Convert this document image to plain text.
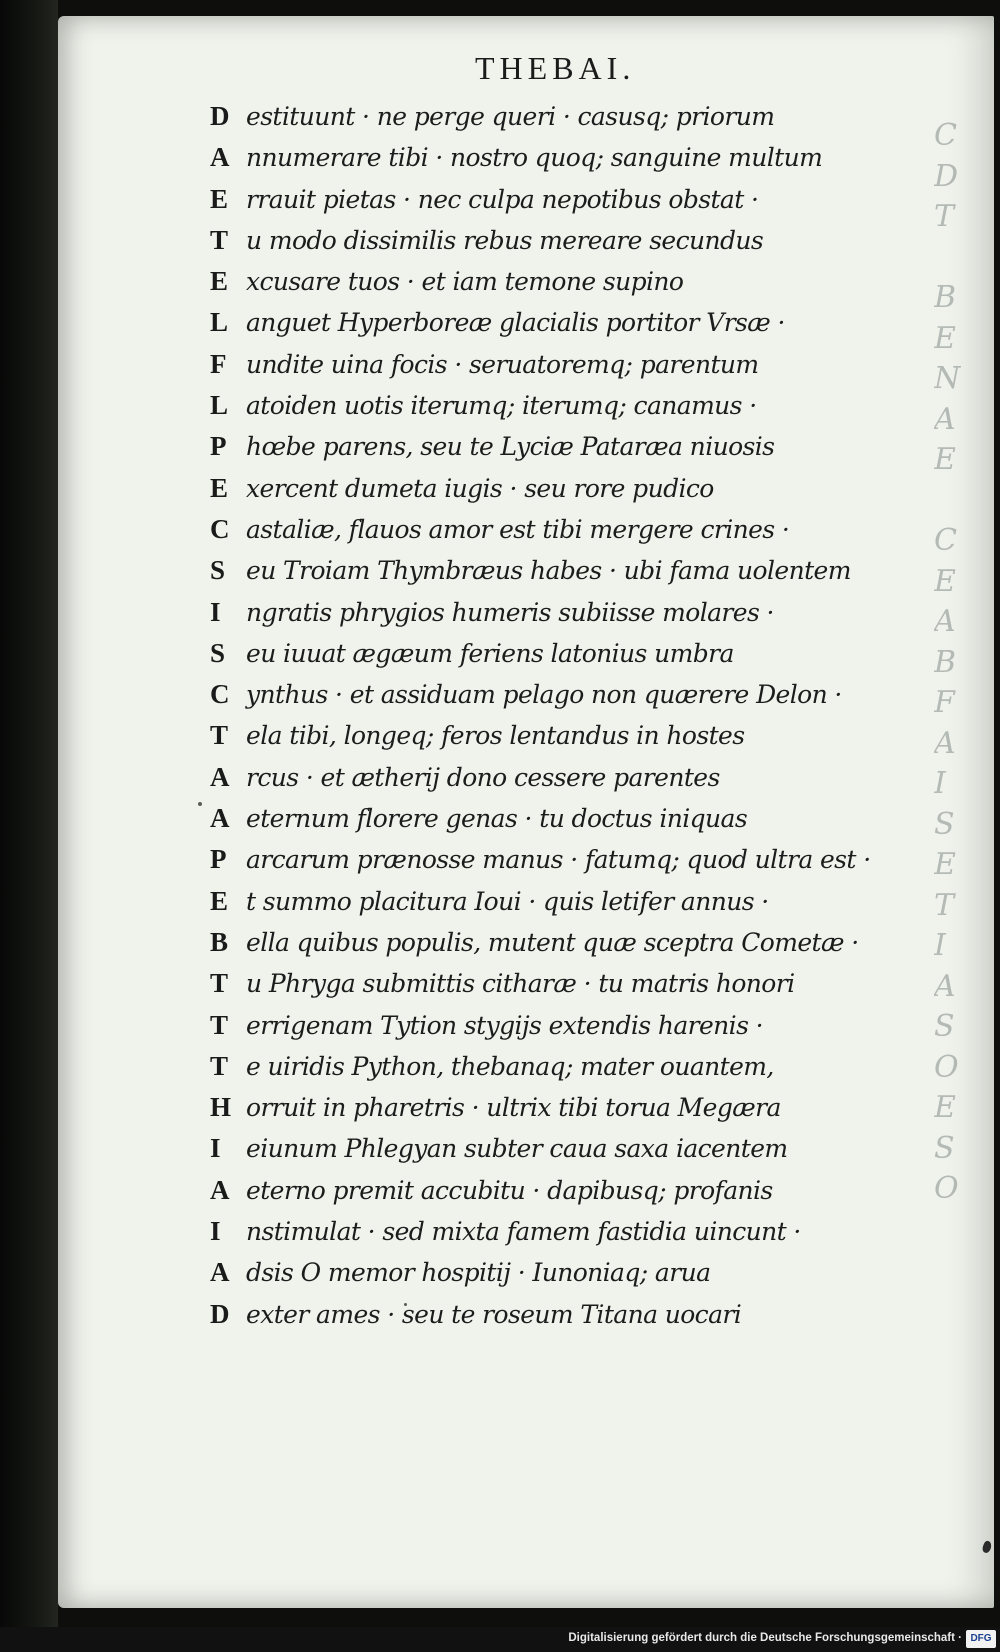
C
D
T

B
E
N
A
E

C
E
A
B
F
A
I
S
E
T
I
A
S
O
E
S
O
THEBAI.
D estituunt · ne perge queri · casusq; priorum
A nnumerare tibi · nostro quoq; sanguine multum
E rrauit pietas · nec culpa nepotibus obstat ·
T u modo dissimilis rebus mereare secundus
E xcusare tuos · et iam temone supino
L anguet Hyperboreæ glacialis portitor Vrsæ ·
F undite uina focis · seruatoremq; parentum
L atoiden uotis iterumq; iterumq; canamus ·
P hœbe parens, seu te Lyciæ Pataræa niuosis
E xercent dumeta iugis · seu rore pudico
C astaliæ, flauos amor est tibi mergere crines ·
S eu Troiam Thymbræus habes · ubi fama uolentem
I	ngratis phrygios humeris subiisse molares ·
S eu iuuat ægæum feriens latonius umbra
C ynthus · et assiduam pelago non quærere Delon ·
T ela tibi, longeq; feros lentandus in hostes
A rcus · et ætherij dono cessere parentes
A eternum florere genas · tu doctus iniquas
P arcarum prænosse manus · fatumq; quod ultra est ·
E t summo placitura Ioui · quis letifer annus ·
B ella quibus populis, mutent quæ sceptra Cometæ ·
T u Phryga submittis citharæ · tu matris honori
T errigenam Tytion stygijs extendis harenis ·
T e uiridis Python, thebanaq; mater ouantem,
H orruit in pharetris · ultrix tibi torua Megæra
I	eiunum Phlegyan subter caua saxa iacentem
A eterno premit accubitu · dapibusq; profanis
I	nstimulat · sed mixta famem fastidia uincunt ·
A dsis O memor hospitij · Iunoniaq; arua
D exter ames · seu te roseum Titana uocari
Digitalisierung gefördert durch die Deutsche Forschungsgemeinschaft · DFG
